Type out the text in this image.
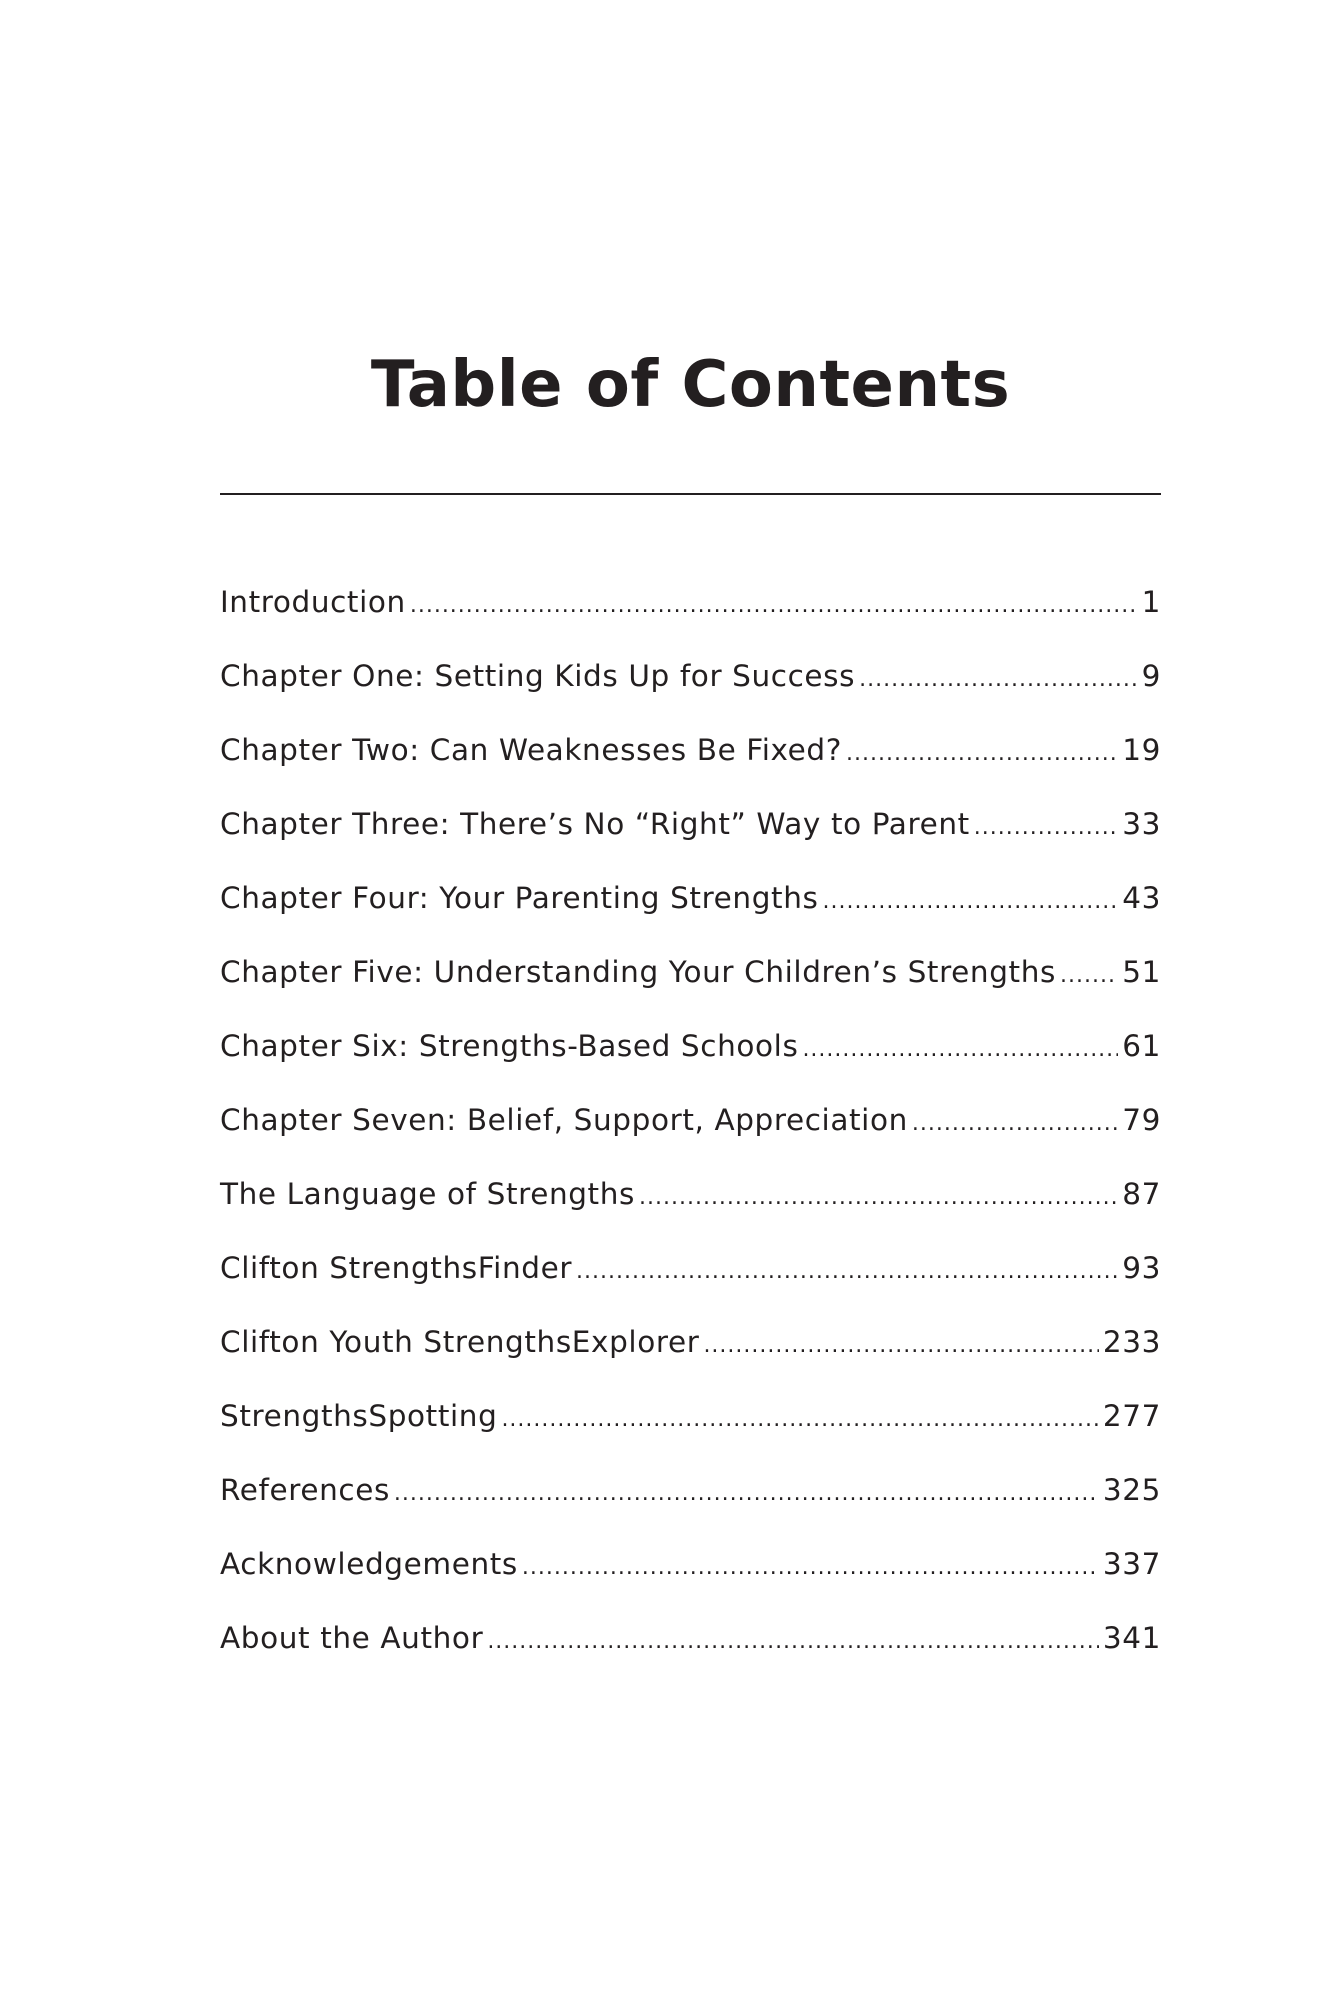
Table of Contents
Introduction .....	1
Chapter One: Setting Kids Up for Success .....	9
Chapter Two: Can Weaknesses Be Fixed? .....	19
Chapter Three: There’s No “Right” Way to Parent .....	33
Chapter Four: Your Parenting Strengths .....	43
Chapter Five: Understanding Your Children’s Strengths ..... 51
Chapter Six: Strengths-Based Schools .....	61
Chapter Seven: Belief, Support, Appreciation .....	79
The Language of Strengths .....	87
Clifton StrengthsFinder .....	93
Clifton Youth StrengthsExplorer .....	233
StrengthsSpotting .....	277
References .....	325
Acknowledgements .....	337
About the Author .....	341
